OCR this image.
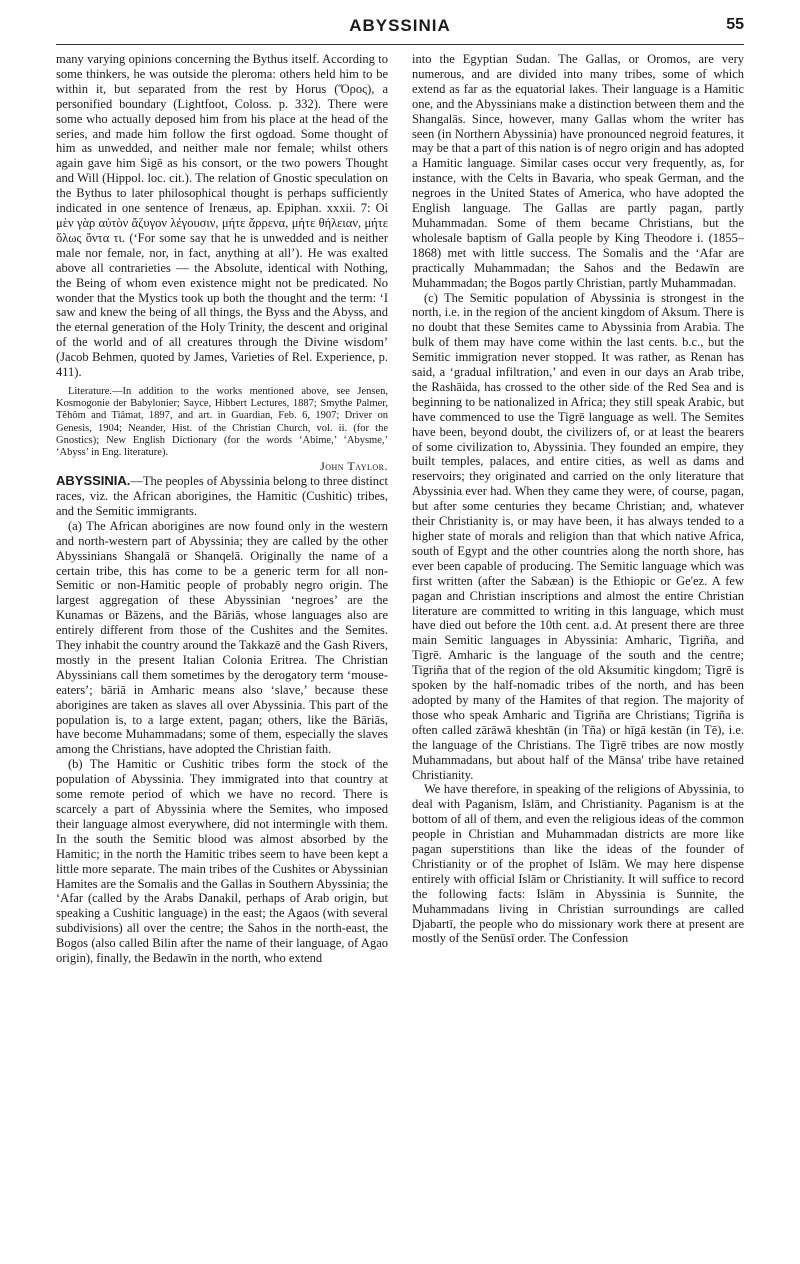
ABYSSINIA	55

many varying opinions concerning the Bythus itself. According to some thinkers, he was outside the pleroma: others held him to be within it, but separated from the rest by Horus (Ὅρος), a personified boundary (Lightfoot, Coloss. p. 332). There were some who actually deposed him from his place at the head of the series, and made him follow the first ogdoad. Some thought of him as unwedded, and neither male nor female; whilst others again gave him Sigē as his consort, or the two powers Thought and Will (Hippol. loc. cit.). The relation of Gnostic speculation on the Bythus to later philosophical thought is perhaps sufficiently indicated in one sentence of Irenæus, ap. Epiphan. xxxii. 7: Οἱ μὲν γὰρ αὐτὸν ἄζυγον λέγουσιν, μήτε ἄρρενα, μήτε θήλειαν, μήτε ὅλως ὄντα τι. (‘For some say that he is unwedded and is neither male nor female, nor, in fact, anything at all’). He was exalted above all contrarieties — the Absolute, identical with Nothing, the Being of whom even existence might not be predicated. No wonder that the Mystics took up both the thought and the term: ‘I saw and knew the being of all things, the Byss and the Abyss, and the eternal generation of the Holy Trinity, the descent and original of the world and of all creatures through the Divine wisdom’ (Jacob Behmen, quoted by James, Varieties of Rel. Experience, p. 411).

Literature.—In addition to the works mentioned above, see Jensen, Kosmogonie der Babylonier; Sayce, Hibbert Lectures, 1887; Smythe Palmer, Tĕhôm and Tiâmat, 1897, and art. in Guardian, Feb. 6, 1907; Driver on Genesis, 1904; Neander, Hist. of the Christian Church, vol. ii. (for the Gnostics); New English Dictionary (for the words ‘Abime,’ ‘Abysme,’ ‘Abyss’ in Eng. literature).

John Taylor.

ABYSSINIA.—The peoples of Abyssinia belong to three distinct races, viz. the African aborigines, the Hamitic (Cushitic) tribes, and the Semitic immigrants.

(a) The African aborigines are now found only in the western and north-western part of Abyssinia; they are called by the other Abyssinians Shangalā or Shanqelā. Originally the name of a certain tribe, this has come to be a generic term for all non-Semitic or non-Hamitic people of probably negro origin. The largest aggregation of these Abyssinian ‘negroes’ are the Kunamas or Bāzens, and the Bāriās, whose languages also are entirely different from those of the Cushites and the Semites. They inhabit the country around the Takkazē and the Gash Rivers, mostly in the present Italian Colonia Eritrea. The Christian Abyssinians call them sometimes by the derogatory term ‘mouse-eaters’; bāriā in Amharic means also ‘slave,’ because these aborigines are taken as slaves all over Abyssinia. This part of the population is, to a large extent, pagan; others, like the Bāriās, have become Muhammadans; some of them, especially the slaves among the Christians, have adopted the Christian faith.

(b) The Hamitic or Cushitic tribes form the stock of the population of Abyssinia. They immigrated into that country at some remote period of which we have no record. There is scarcely a part of Abyssinia where the Semites, who imposed their language almost everywhere, did not intermingle with them. In the south the Semitic blood was almost absorbed by the Hamitic; in the north the Hamitic tribes seem to have been kept a little more separate. The main tribes of the Cushites or Abyssinian Hamites are the Somalis and the Gallas in Southern Abyssinia; the ‘Afar (called by the Arabs Danakil, perhaps of Arab origin, but speaking a Cushitic language) in the east; the Agaos (with several subdivisions) all over the centre; the Sahos in the north-east, the Bogos (also called Bilin after the name of their language, of Agao origin), finally, the Bedawīn in the north, who extend

into the Egyptian Sudan. The Gallas, or Oromos, are very numerous, and are divided into many tribes, some of which extend as far as the equatorial lakes. Their language is a Hamitic one, and the Abyssinians make a distinction between them and the Shangalās. Since, however, many Gallas whom the writer has seen (in Northern Abyssinia) have pronounced negroid features, it may be that a part of this nation is of negro origin and has adopted a Hamitic language. Similar cases occur very frequently, as, for instance, with the Celts in Bavaria, who speak German, and the negroes in the United States of America, who have adopted the English language. The Gallas are partly pagan, partly Muhammadan. Some of them became Christians, but the wholesale baptism of Galla people by King Theodore i. (1855–1868) met with little success. The Somalis and the ‘Afar are practically Muhammadan; the Sahos and the Bedawīn are Muhammadan; the Bogos partly Christian, partly Muhammadan.

(c) The Semitic population of Abyssinia is strongest in the north, i.e. in the region of the ancient kingdom of Aksum. There is no doubt that these Semites came to Abyssinia from Arabia. The bulk of them may have come within the last cents. b.c., but the Semitic immigration never stopped. It was rather, as Renan has said, a ‘gradual infiltration,’ and even in our days an Arab tribe, the Rashāida, has crossed to the other side of the Red Sea and is beginning to be nationalized in Africa; they still speak Arabic, but have commenced to use the Tigrē language as well. The Semites have been, beyond doubt, the civilizers of, or at least the bearers of some civilization to, Abyssinia. They founded an empire, they built temples, palaces, and entire cities, as well as dams and reservoirs; they originated and carried on the only literature that Abyssinia ever had. When they came they were, of course, pagan, but after some centuries they became Christian; and, whatever their Christianity is, or may have been, it has always tended to a higher state of morals and religion than that which native Africa, south of Egypt and the other countries along the north shore, has ever been capable of producing. The Semitic language which was first written (after the Sabæan) is the Ethiopic or Ge'ez. A few pagan and Christian inscriptions and almost the entire Christian literature are committed to writing in this language, which must have died out before the 10th cent. a.d. At present there are three main Semitic languages in Abyssinia: Amharic, Tigriña, and Tigrē. Amharic is the language of the south and the centre; Tigriña that of the region of the old Aksumitic kingdom; Tigrē is spoken by the half-nomadic tribes of the north, and has been adopted by many of the Hamites of that region. The majority of those who speak Amharic and Tigriña are Christians; Tigriña is often called zārāwā kheshtān (in Tña) or hīgā kestān (in Tē), i.e. the language of the Christians. The Tigrē tribes are now mostly Muhammadans, but about half of the Mānsa' tribe have retained Christianity.

We have therefore, in speaking of the religions of Abyssinia, to deal with Paganism, Islām, and Christianity. Paganism is at the bottom of all of them, and even the religious ideas of the common people in Christian and Muhammadan districts are more like pagan superstitions than like the ideas of the founder of Christianity or of the prophet of Islām. We may here dispense entirely with official Islām or Christianity. It will suffice to record the following facts: Islām in Abyssinia is Sunnite, the Muhammadans living in Christian surroundings are called Djabartī, the people who do missionary work there at present are mostly of the Senūsī order. The Confession
